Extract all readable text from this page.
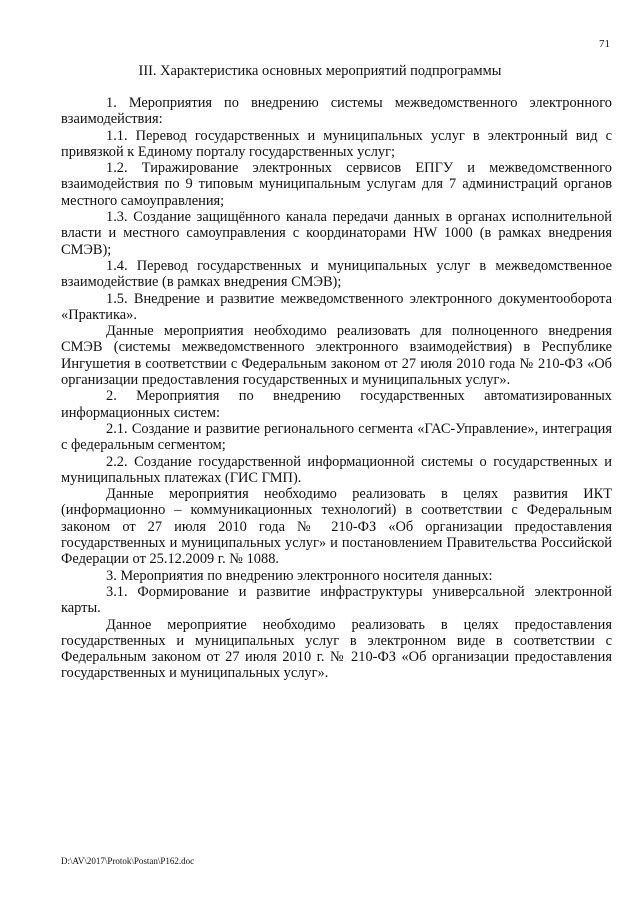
71
III. Характеристика основных мероприятий подпрограммы

1. Мероприятия по внедрению системы межведомственного электронного взаимодействия:

1.1. Перевод государственных и муниципальных услуг в электронный вид с привязкой к Единому порталу государственных услуг;

1.2. Тиражирование электронных сервисов ЕПГУ и межведомственного взаимодействия по 9 типовым муниципальным услугам для 7 администраций органов местного самоуправления;

1.3. Создание защищённого канала передачи данных в органах исполнительной власти и местного самоуправления с координаторами HW 1000 (в рамках внедрения СМЭВ);

1.4. Перевод государственных и муниципальных услуг в межведомственное взаимодействие (в рамках внедрения СМЭВ);

1.5. Внедрение и развитие межведомственного электронного документооборота «Практика».

Данные мероприятия необходимо реализовать для полноценного внедрения СМЭВ (системы межведомственного электронного взаимодействия) в Республике Ингушетия в соответствии с Федеральным законом от 27 июля 2010 года № 210-ФЗ «Об организации предоставления государственных и муниципальных услуг».

2. Мероприятия по внедрению государственных автоматизированных информационных систем:

2.1. Создание и развитие регионального сегмента «ГАС-Управление», интеграция с федеральным сегментом;

2.2. Создание государственной информационной системы о государственных и муниципальных платежах (ГИС ГМП).

Данные мероприятия необходимо реализовать в целях развития ИКТ (информационно – коммуникационных технологий) в соответствии с Федеральным законом от 27 июля 2010 года № 210-ФЗ «Об организации предоставления государственных и муниципальных услуг» и постановлением Правительства Российской Федерации от 25.12.2009 г. № 1088.

3. Мероприятия по внедрению электронного носителя данных:

3.1. Формирование и развитие инфраструктуры универсальной электронной карты.

Данное мероприятие необходимо реализовать в целях предоставления государственных и муниципальных услуг в электронном виде в соответствии с Федеральным законом от 27 июля 2010 г. № 210-ФЗ «Об организации предоставления государственных и муниципальных услуг».

D:\AV\2017\Protok\Postan\P162.doc
